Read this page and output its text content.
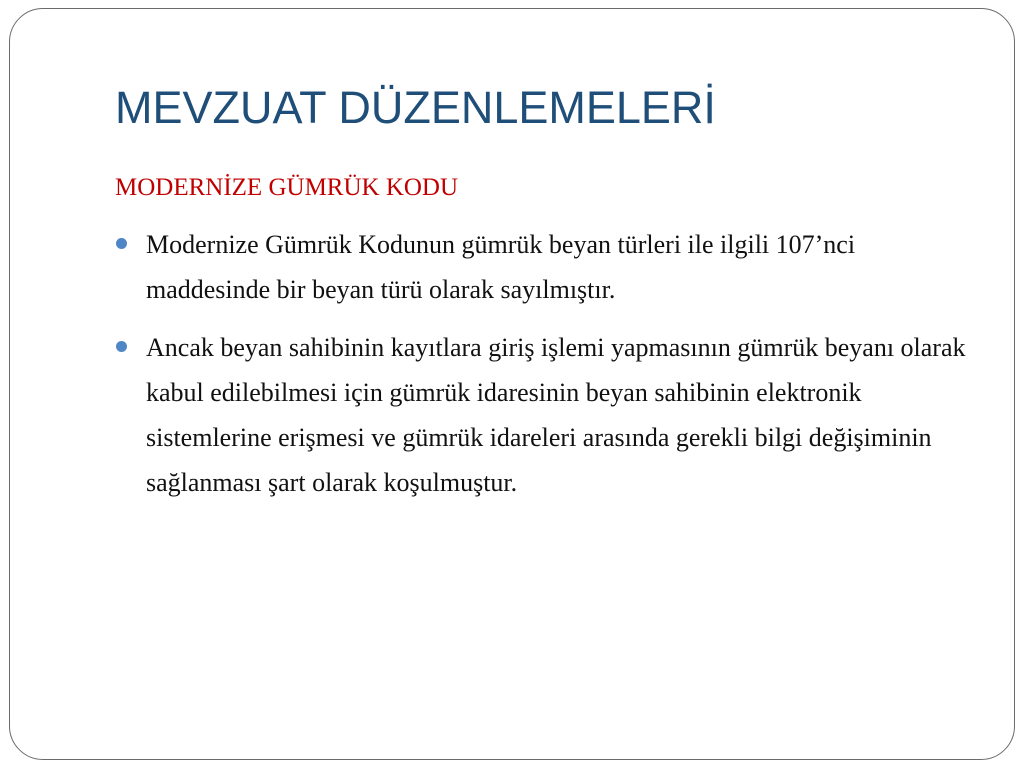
MEVZUAT DÜZENLEMELERİ
MODERNİZE GÜMRÜK KODU
Modernize Gümrük Kodunun gümrük beyan türleri ile ilgili 107’nci maddesinde bir beyan türü olarak sayılmıştır.
Ancak beyan sahibinin kayıtlara giriş işlemi yapmasının gümrük beyanı olarak kabul edilebilmesi için gümrük idaresinin beyan sahibinin elektronik sistemlerine erişmesi ve gümrük idareleri arasında gerekli bilgi değişiminin sağlanması şart olarak koşulmuştur.
